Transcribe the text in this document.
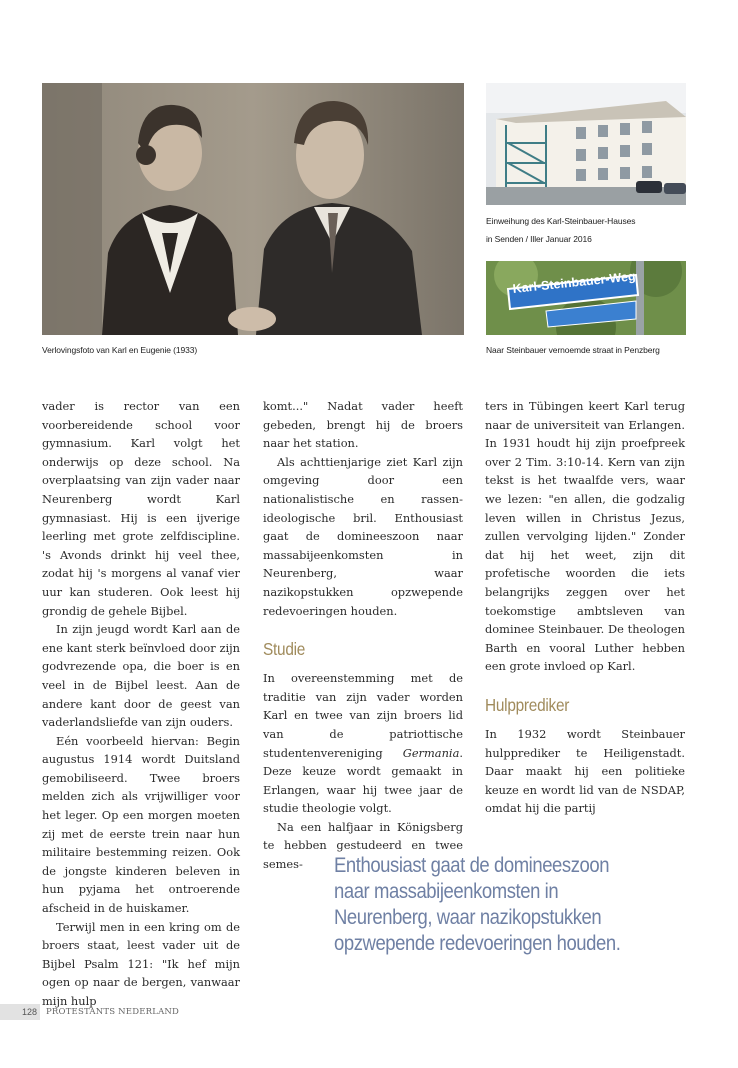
Verlovingsfoto van Karl en Eugenie (1933)
Einweihung des Karl-Steinbauer-Hauses
in Senden / Iller Januar 2016
Karl-Steinbauer-Weg
Naar Steinbauer vernoemde straat in Penzberg

vader is rector van een voorbereidende school voor gymnasium. Karl volgt het onderwijs op deze school. Na overplaatsing van zijn vader naar Neurenberg wordt Karl gymnasiast. Hij is een ijverige leerling met grote zelfdiscipline. 's Avonds drinkt hij veel thee, zodat hij 's morgens al vanaf vier uur kan studeren. Ook leest hij grondig de gehele Bijbel.

In zijn jeugd wordt Karl aan de ene kant sterk beïnvloed door zijn godvrezende opa, die boer is en veel in de Bijbel leest. Aan de andere kant door de geest van vaderlandsliefde van zijn ouders.

Eén voorbeeld hiervan: Begin augustus 1914 wordt Duitsland gemobiliseerd. Twee broers melden zich als vrijwilliger voor het leger. Op een morgen moeten zij met de eerste trein naar hun militaire bestemming reizen. Ook de jongste kinderen beleven in hun pyjama het ontroerende afscheid in de huiskamer.

Terwijl men in een kring om de broers staat, leest vader uit de Bijbel Psalm 121: "Ik hef mijn ogen op naar de bergen, vanwaar mijn hulp

komt..." Nadat vader heeft gebeden, brengt hij de broers naar het station.

Als achttienjarige ziet Karl zijn omgeving door een nationalistische en rassen-ideologische bril. Enthousiast gaat de domineeszoon naar massabijeenkomsten in Neurenberg, waar nazikopstukken opzwepende redevoeringen houden.

Studie

In overeenstemming met de traditie van zijn vader worden Karl en twee van zijn broers lid van de patriottische studentenvereniging Germania. Deze keuze wordt gemaakt in Erlangen, waar hij twee jaar de studie theologie volgt.

Na een halfjaar in Königsberg te hebben gestudeerd en twee semes-

ters in Tübingen keert Karl terug naar de universiteit van Erlangen. In 1931 houdt hij zijn proefpreek over 2 Tim. 3:10-14. Kern van zijn tekst is het twaalfde vers, waar we lezen: "en allen, die godzalig leven willen in Christus Jezus, zullen vervolging lijden." Zonder dat hij het weet, zijn dit profetische woorden die iets belangrijks zeggen over het toekomstige ambtsleven van dominee Steinbauer. De theologen Barth en vooral Luther hebben een grote invloed op Karl.

Hulpprediker

In 1932 wordt Steinbauer hulpprediker te Heiligenstadt. Daar maakt hij een politieke keuze en wordt lid van de NSDAP, omdat hij die partij

Enthousiast gaat de domineeszoon
naar massabijeenkomsten in
Neurenberg, waar nazikopstukken
opzwepende redevoeringen houden.
128	PROTESTANTS NEDERLAND
